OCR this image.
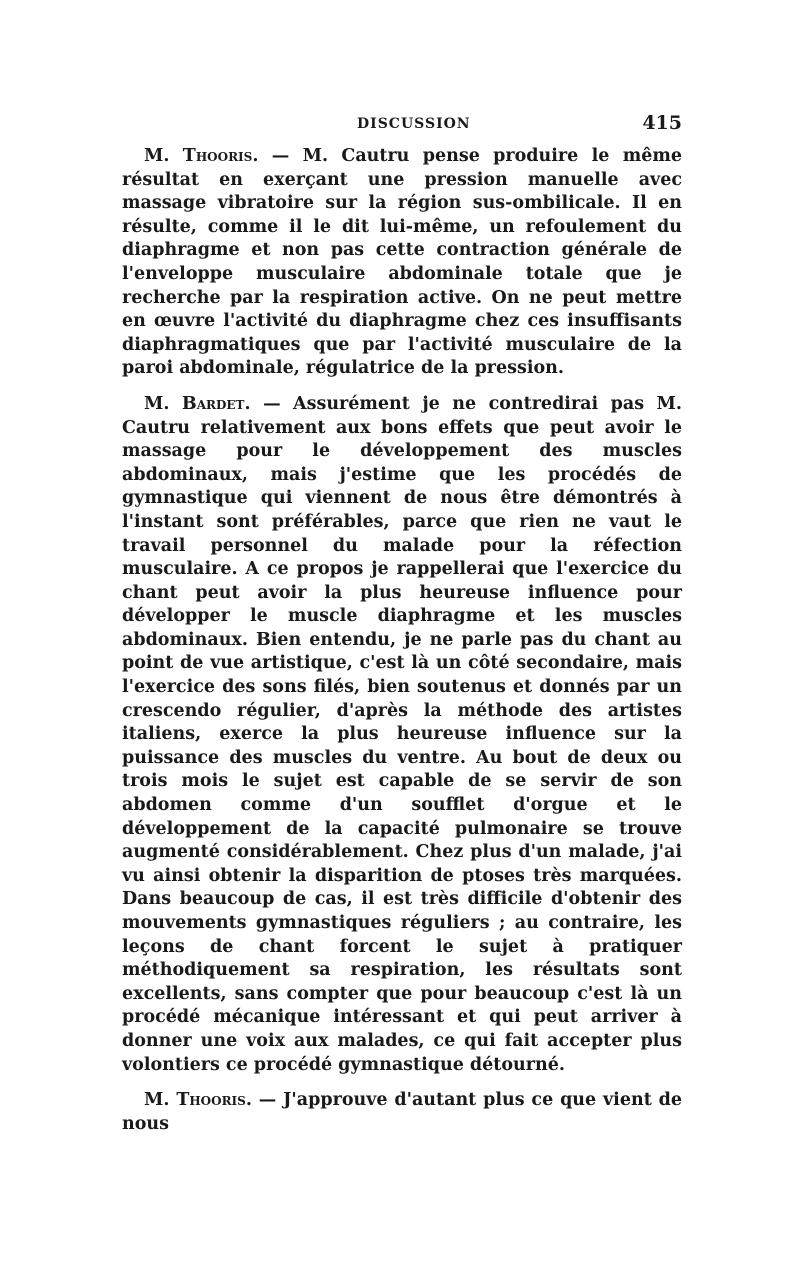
DISCUSSION	415

M. Thooris. — M. Cautru pense produire le même résultat en exerçant une pression manuelle avec massage vibratoire sur la région sus-ombilicale. Il en résulte, comme il le dit lui-même, un refoulement du diaphragme et non pas cette contraction générale de l'enveloppe musculaire abdominale totale que je recherche par la respiration active. On ne peut mettre en œuvre l'activité du diaphragme chez ces insuffisants diaphragmatiques que par l'activité musculaire de la paroi abdominale, régulatrice de la pression.

M. Bardet. — Assurément je ne contredirai pas M. Cautru relativement aux bons effets que peut avoir le massage pour le développement des muscles abdominaux, mais j'estime que les procédés de gymnastique qui viennent de nous être démontrés à l'instant sont préférables, parce que rien ne vaut le travail personnel du malade pour la réfection musculaire. A ce propos je rappellerai que l'exercice du chant peut avoir la plus heureuse influence pour développer le muscle diaphragme et les muscles abdominaux. Bien entendu, je ne parle pas du chant au point de vue artistique, c'est là un côté secondaire, mais l'exercice des sons filés, bien soutenus et donnés par un crescendo régulier, d'après la méthode des artistes italiens, exerce la plus heureuse influence sur la puissance des muscles du ventre. Au bout de deux ou trois mois le sujet est capable de se servir de son abdomen comme d'un soufflet d'orgue et le développement de la capacité pulmonaire se trouve augmenté considérablement. Chez plus d'un malade, j'ai vu ainsi obtenir la disparition de ptoses très marquées. Dans beaucoup de cas, il est très difficile d'obtenir des mouvements gymnastiques réguliers ; au contraire, les leçons de chant forcent le sujet à pratiquer méthodiquement sa respiration, les résultats sont excellents, sans compter que pour beaucoup c'est là un procédé mécanique intéressant et qui peut arriver à donner une voix aux malades, ce qui fait accepter plus volontiers ce procédé gymnastique détourné.

M. Thooris. — J'approuve d'autant plus ce que vient de nous
